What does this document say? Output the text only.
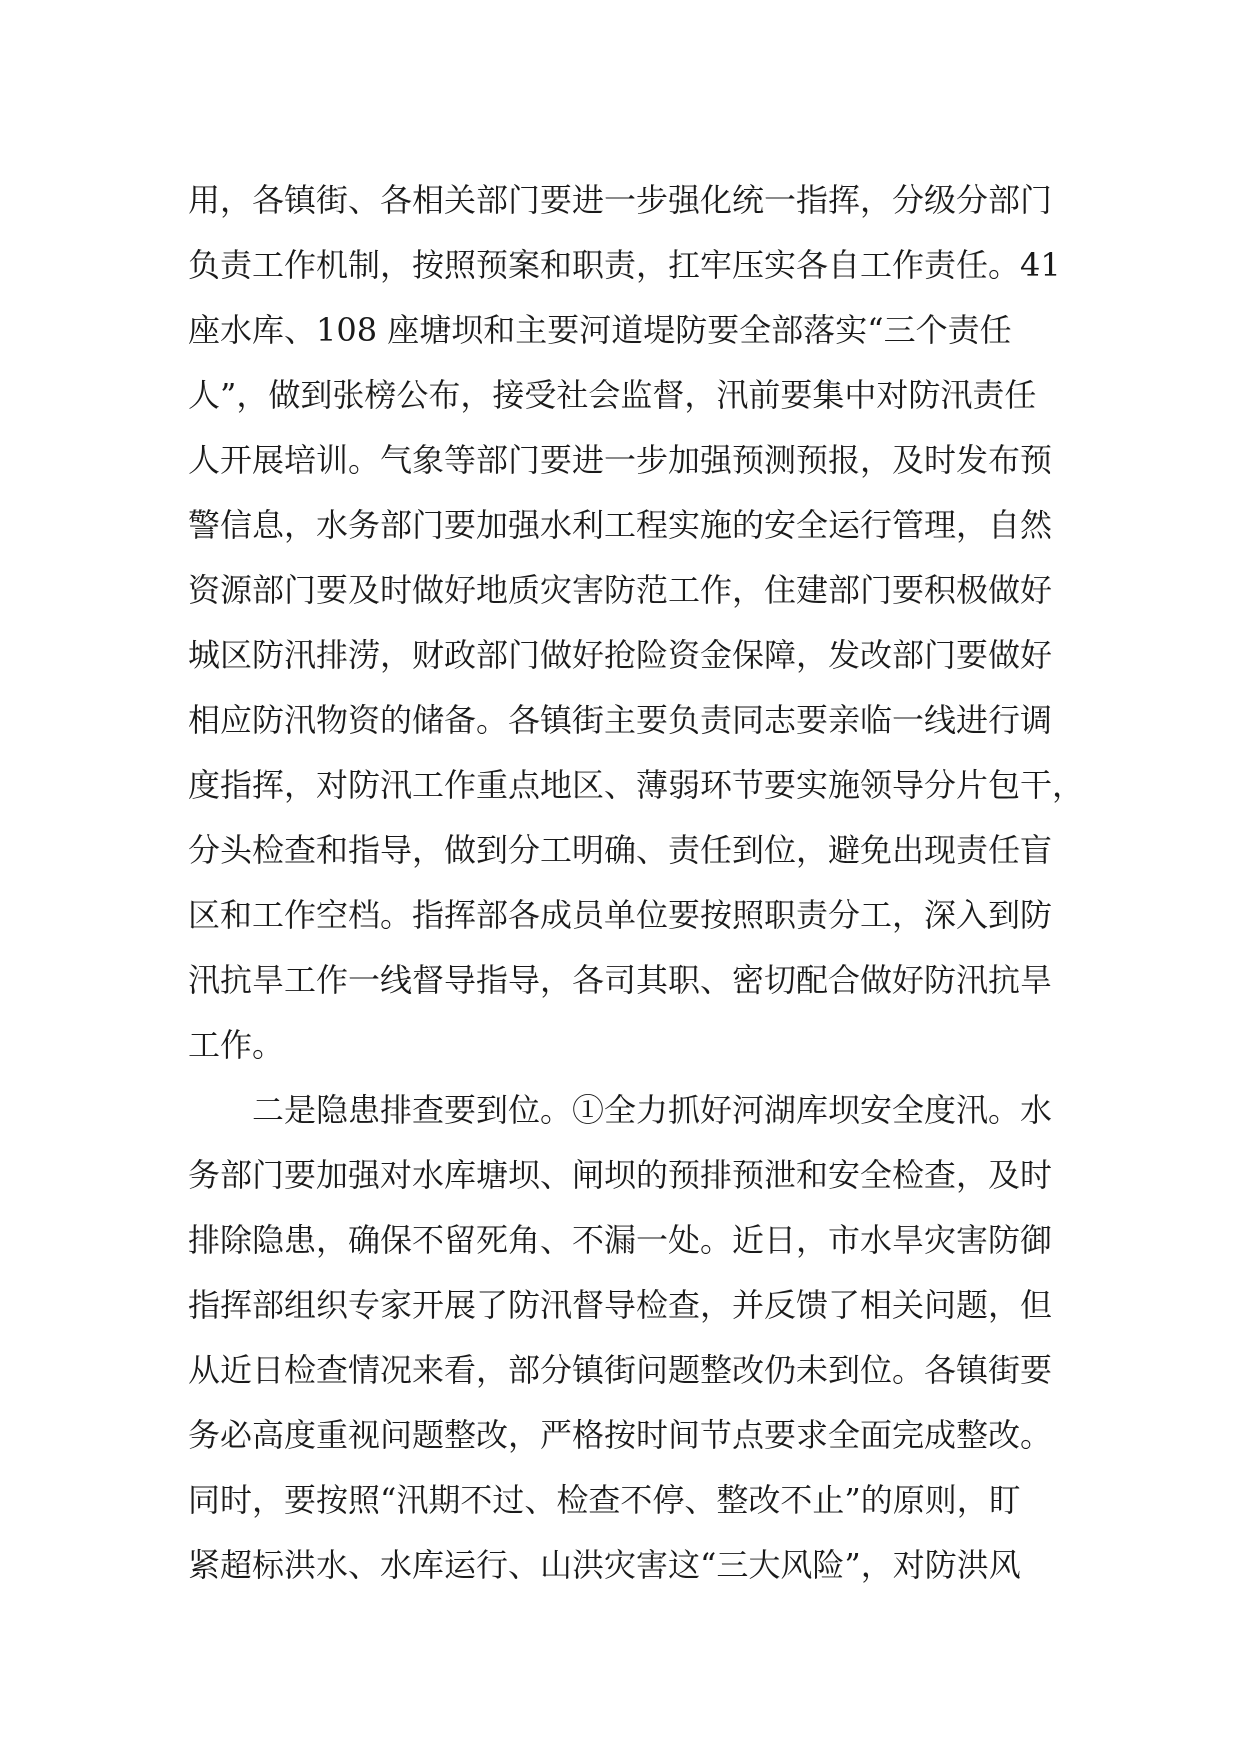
用，各镇街、各相关部门要进一步强化统一指挥，分级分部门
负责工作机制，按照预案和职责，扛牢压实各自工作责任。41
座水库、108 座塘坝和主要河道堤防要全部落实“三个责任
人”，做到张榜公布，接受社会监督，汛前要集中对防汛责任
人开展培训。气象等部门要进一步加强预测预报，及时发布预
警信息，水务部门要加强水利工程实施的安全运行管理，自然
资源部门要及时做好地质灾害防范工作，住建部门要积极做好
城区防汛排涝，财政部门做好抢险资金保障，发改部门要做好
相应防汛物资的储备。各镇街主要负责同志要亲临一线进行调
度指挥，对防汛工作重点地区、薄弱环节要实施领导分片包干，
分头检查和指导，做到分工明确、责任到位，避免出现责任盲
区和工作空档。指挥部各成员单位要按照职责分工，深入到防
汛抗旱工作一线督导指导，各司其职、密切配合做好防汛抗旱
工作。
二是隐患排查要到位。①全力抓好河湖库坝安全度汛。水
务部门要加强对水库塘坝、闸坝的预排预泄和安全检查，及时
排除隐患，确保不留死角、不漏一处。近日，市水旱灾害防御
指挥部组织专家开展了防汛督导检查，并反馈了相关问题，但
从近日检查情况来看，部分镇街问题整改仍未到位。各镇街要
务必高度重视问题整改，严格按时间节点要求全面完成整改。
同时，要按照“汛期不过、检查不停、整改不止”的原则，盯
紧超标洪水、水库运行、山洪灾害这“三大风险”，对防洪风
